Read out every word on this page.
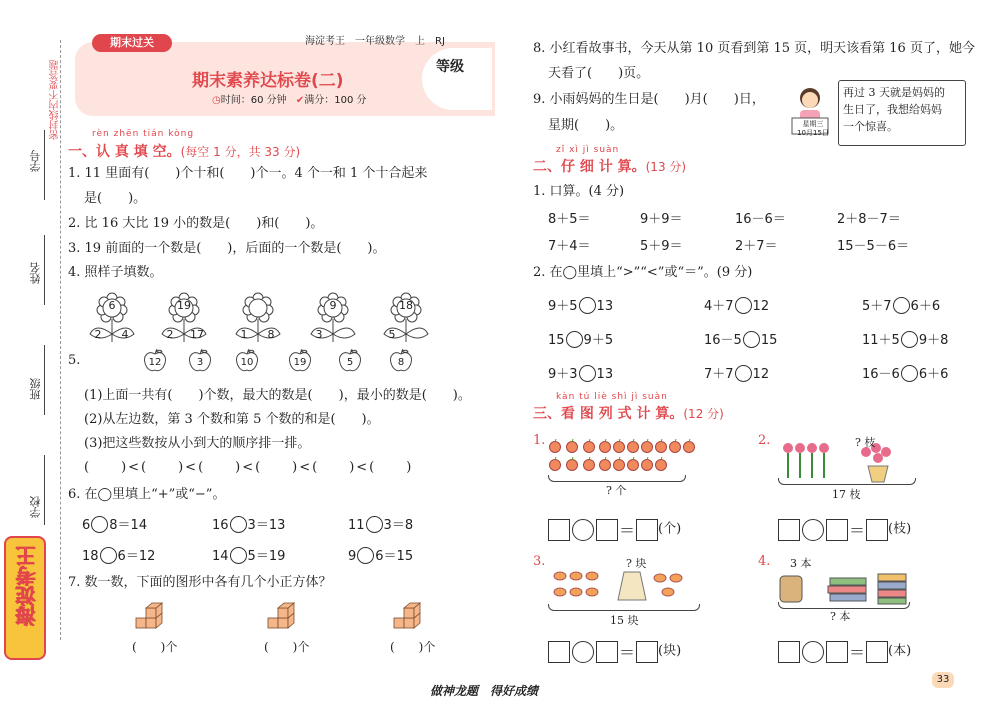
密封线内不要答题
学号
姓名
班级
学校
海淀考王
期末过关	海淀考王　 一年级数学　 上　 RJ
期末素养达标卷(二)
◷时间：60 分钟 ✔满分：100 分
等级
rèn zhēn tián kòng
一、认 真 填 空。(每空 1 分，共 33 分)
1. 11 里面有(　　)个十和(　　)个一。4 个一和 1 个十合起来
是(　　)。
2. 比 16 大比 19 小的数是(　　)和(　　)。
3. 19 前面的一个数是(　　)，后面的一个数是(　　)。
4. 照样子填数。
5.
(1)上面一共有(　　)个数，最大的数是(　　)，最小的数是(　　)。
(2)从左边数，第 3 个数和第 5 个数的和是(　　)。
(3)把这些数按从小到大的顺序排一排。
(　　)<(　　)<(　　)<(　　)<(　　)<(　　)
6. 在◯里填上“+”或“−”。
7. 数一数，下面的图形中各有几个小正方体？
8. 小红看故事书，今天从第 10 页看到第 15 页，明天该看第 16 页了，她今
天看了(　　)页。
9. 小雨妈妈的生日是(　　)月(　　)日，
星期(　　)。	星期三
10月15日
再过 3 天就是妈妈的
生日了，我想给妈妈
一个惊喜。
zǐ xì jì suàn
二、仔 细 计 算。(13 分)
1. 口算。(4 分)
2. 在◯里填上“>”“<”或“＝”。(9 分)
kàn tú liè shì jì suàn
三、看 图 列 式 计 算。(12 分)
1.
? 个
2.	? 枝
17 枝
＝ (个)	＝ (枝)
3.	? 块
15 块
4. 3 本
? 本
＝ (块)	＝ (本)
做神龙题　得好成绩
33
6
2	4
19
2	17	1	8
9
3
18
5
12	3	10	19	5	8
6 8＝14	16 3＝13	11 3＝8
18 6＝12	14 5＝19	9 6＝15
(　　)个	(　　)个	(　　)个
8＋5＝	9＋9＝	16－6＝	2＋8－7＝
7＋4＝	5＋9＝	2＋7＝	15－5－6＝
9＋5 13	4＋7 12	5＋7 6＋6
15 9＋5	16－5 15	11＋5 9＋8
9＋3 13	7＋7 12	16－6 6＋6
